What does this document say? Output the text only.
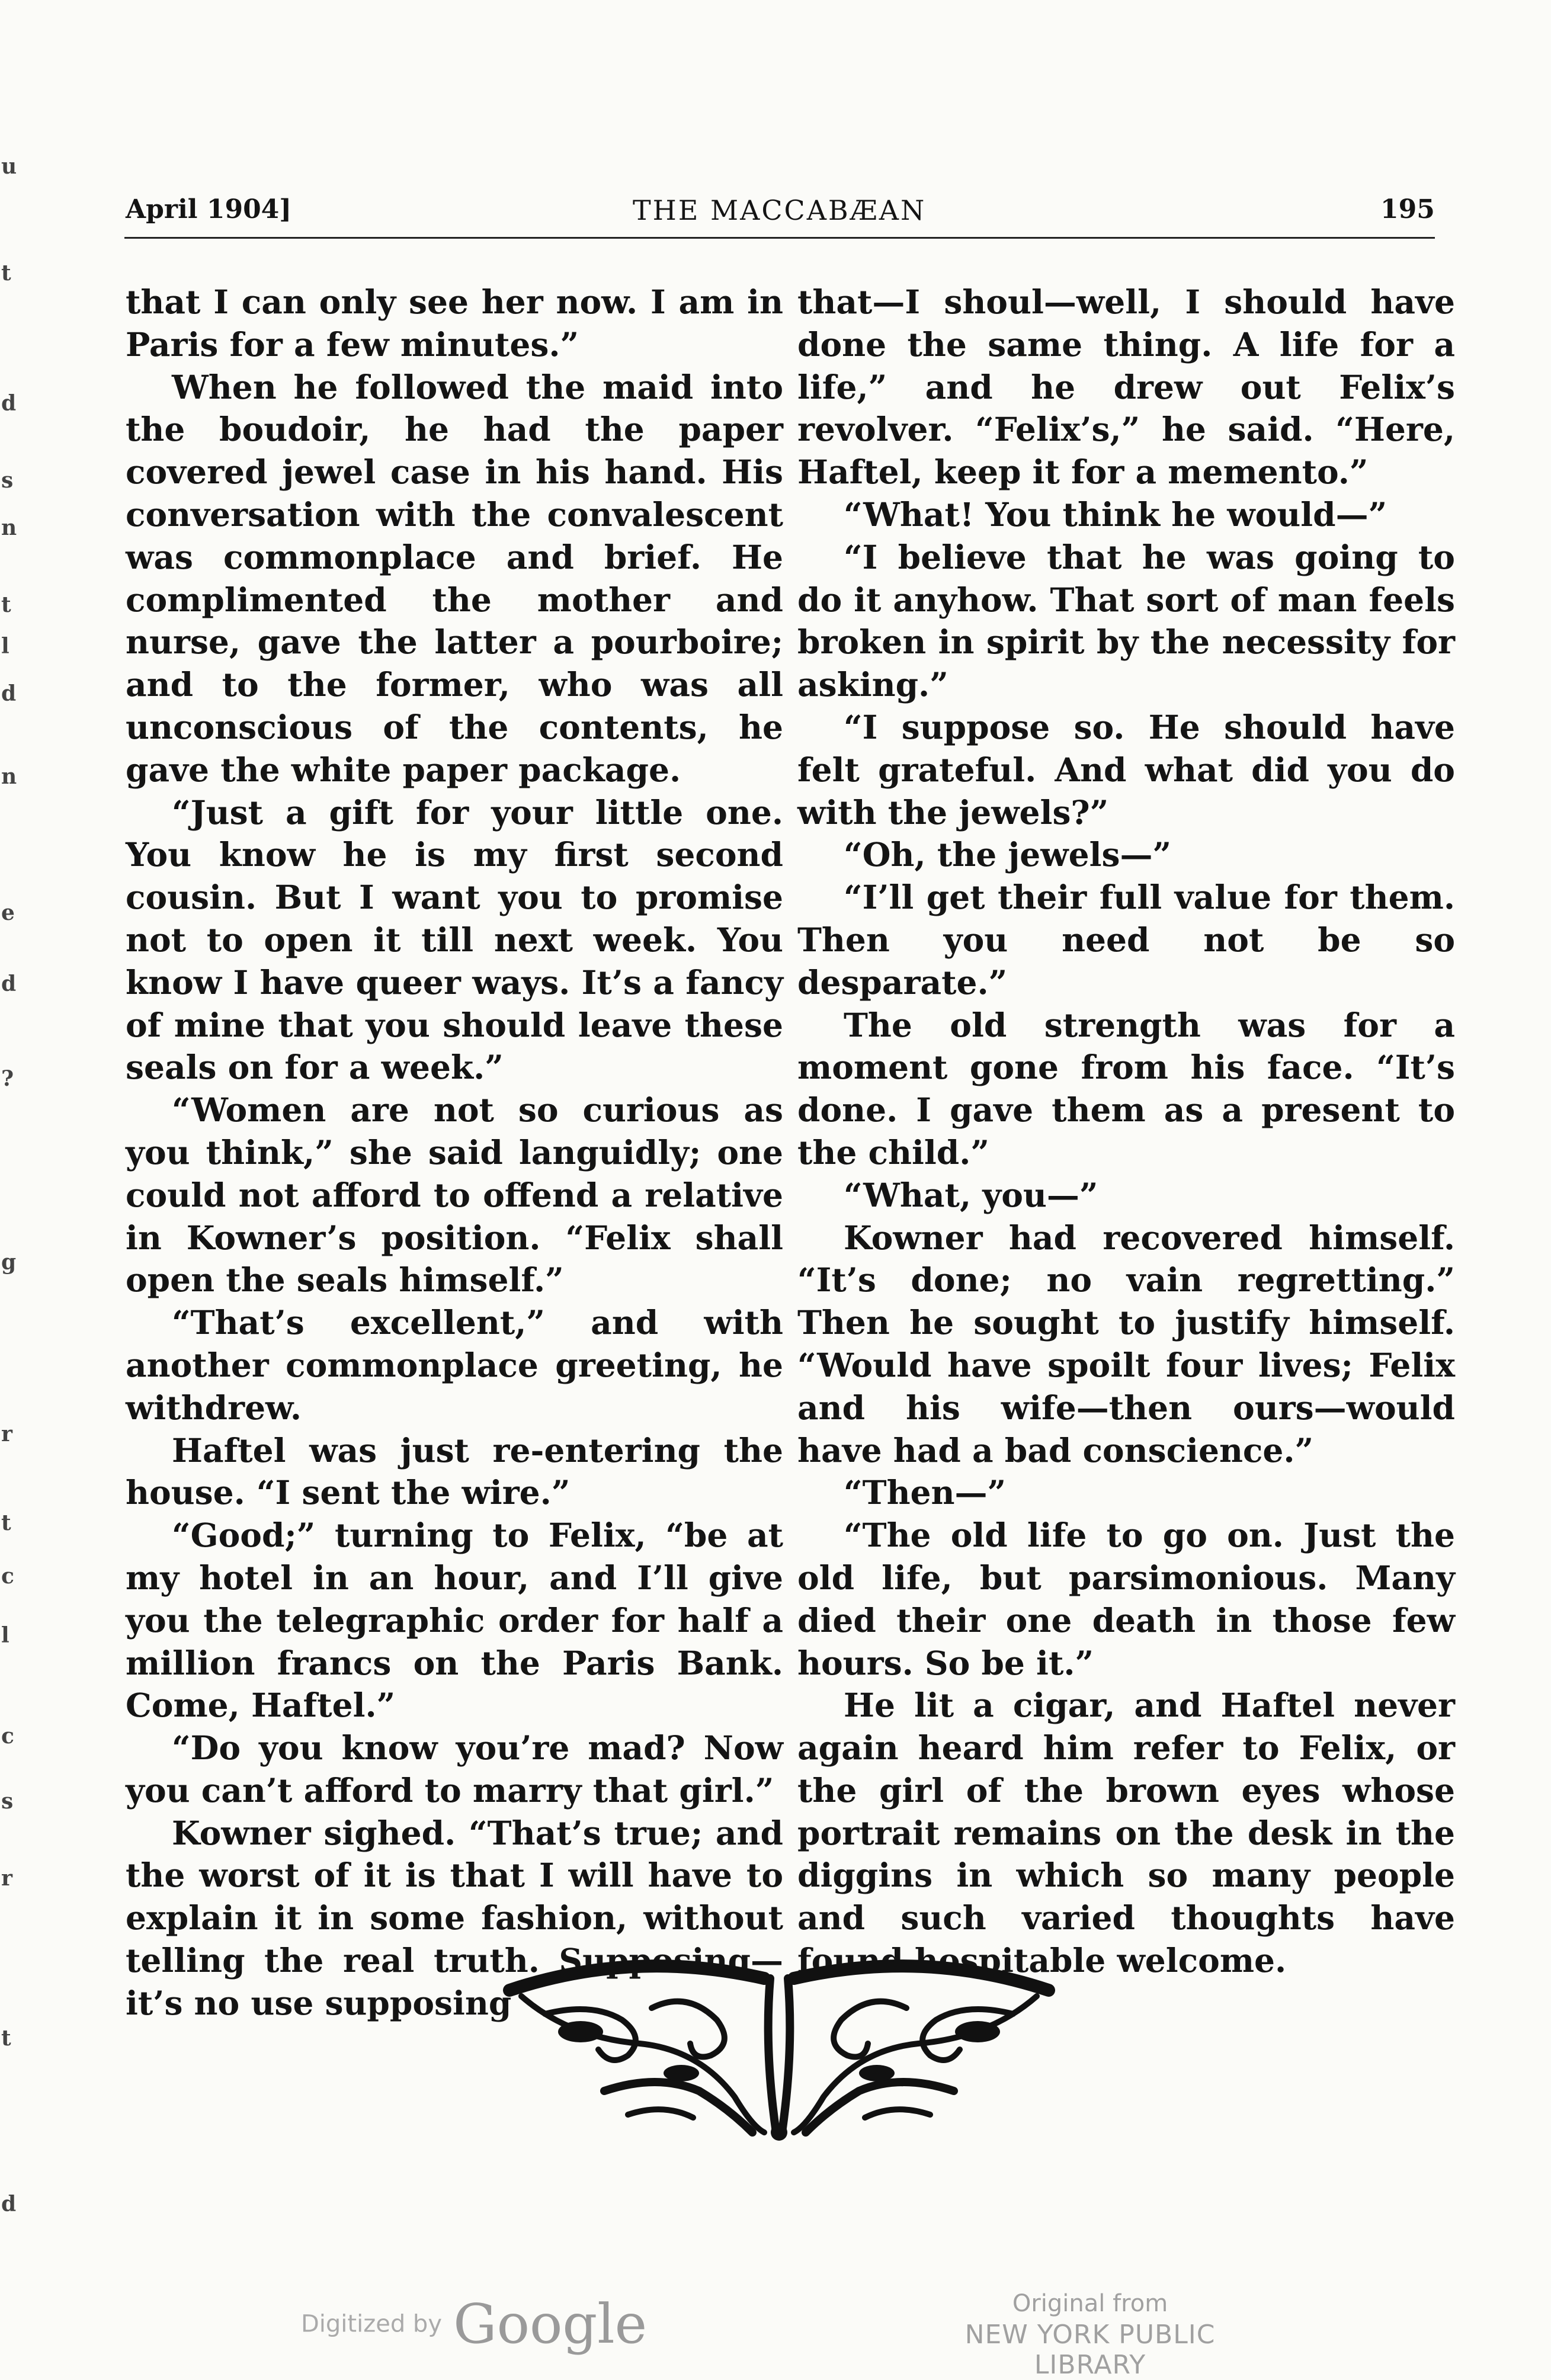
April 1904]	THE MACCABÆAN	195

that I can only see her now. I am in Paris for a few minutes.”

When he followed the maid into the boudoir, he had the paper covered jewel case in his hand. His conversation with the convalescent was commonplace and brief. He complimented the mother and nurse, gave the latter a pourboire; and to the former, who was all unconscious of the contents, he gave the white paper package.

“Just a gift for your little one. You know he is my first second cousin. But I want you to promise not to open it till next week. You know I have queer ways. It’s a fancy of mine that you should leave these seals on for a week.”

“Women are not so curious as you think,” she said languidly; one could not afford to offend a relative in Kowner’s position. “Felix shall open the seals himself.”

“That’s excellent,” and with another commonplace greeting, he withdrew.

Haftel was just re-entering the house. “I sent the wire.”

“Good;” turning to Felix, “be at my hotel in an hour, and I’ll give you the telegraphic order for half a million francs on the Paris Bank. Come, Haftel.”

“Do you know you’re mad? Now you can’t afford to marry that girl.”

Kowner sighed. “That’s true; and the worst of it is that I will have to explain it in some fashion, without telling the real truth. Supposing—it’s no use supposing

that—I shoul—well, I should have done the same thing. A life for a life,” and he drew out Felix’s revolver. “Felix’s,” he said. “Here, Haftel, keep it for a memento.”

“What! You think he would—”

“I believe that he was going to do it anyhow. That sort of man feels broken in spirit by the necessity for asking.”

“I suppose so. He should have felt grateful. And what did you do with the jewels?”

“Oh, the jewels—”

“I’ll get their full value for them. Then you need not be so desparate.”

The old strength was for a moment gone from his face. “It’s done. I gave them as a present to the child.”

“What, you—”

Kowner had recovered himself. “It’s done; no vain regretting.” Then he sought to justify himself. “Would have spoilt four lives; Felix and his wife—then ours—would have had a bad conscience.”

“Then—”

“The old life to go on. Just the old life, but parsimonious. Many died their one death in those few hours. So be it.”

He lit a cigar, and Haftel never again heard him refer to Felix, or the girl of the brown eyes whose portrait remains on the desk in the diggins in which so many people and such varied thoughts have found hospitable welcome.

Digitized by Google	Original from
NEW YORK PUBLIC LIBRARY
u
t
d
s
n
t
l
d
n
e
d
?
g
r
t
c
l
c
s
r
t
d
